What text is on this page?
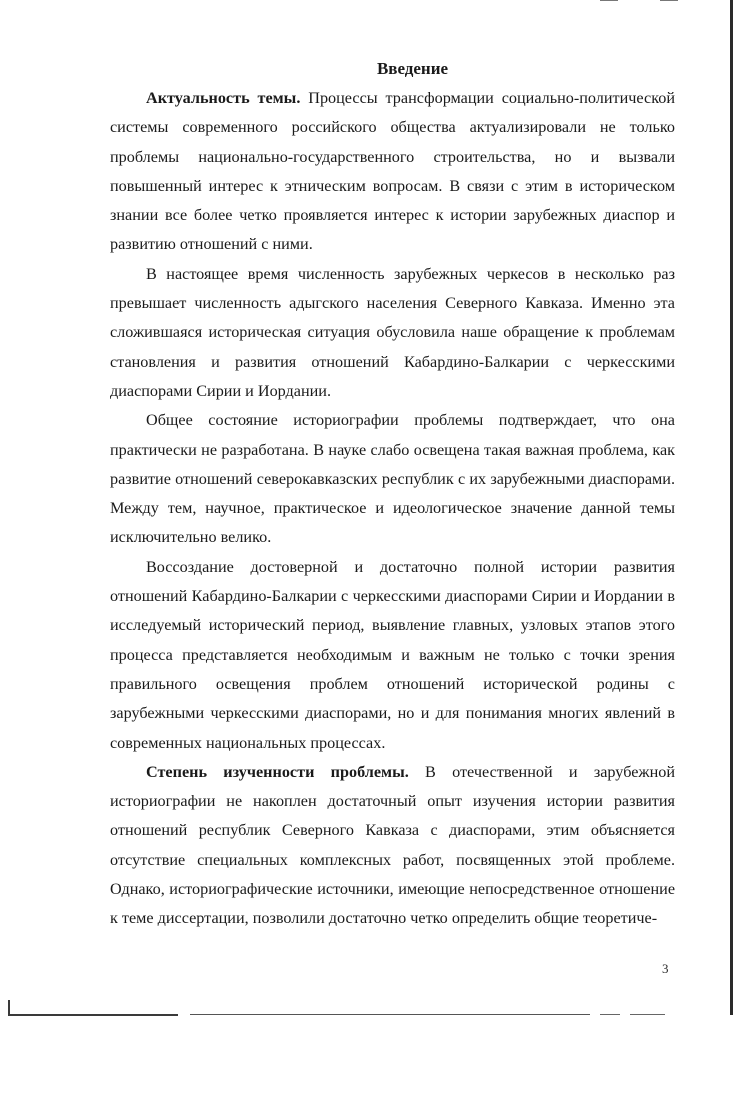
Введение

Актуальность темы. Процессы трансформации социально-политической системы современного российского общества актуализировали не только проблемы национально-государственного строительства, но и вызвали повышенный интерес к этническим вопросам. В связи с этим в историческом знании все более четко проявляется интерес к истории зарубежных диаспор и развитию отношений с ними.

В настоящее время численность зарубежных черкесов в несколько раз превышает численность адыгского населения Северного Кавказа. Именно эта сложившаяся историческая ситуация обусловила наше обращение к проблемам становления и развития отношений Кабардино-Балкарии с черкесскими диаспорами Сирии и Иордании.

Общее состояние историографии проблемы подтверждает, что она практически не разработана. В науке слабо освещена такая важная проблема, как развитие отношений северокавказских республик с их зарубежными диаспорами. Между тем, научное, практическое и идеологическое значение данной темы исключительно велико.

Воссоздание достоверной и достаточно полной истории развития отношений Кабардино-Балкарии с черкесскими диаспорами Сирии и Иордании в исследуемый исторический период, выявление главных, узловых этапов этого процесса представляется необходимым и важным не только с точки зрения правильного освещения проблем отношений исторической родины с зарубежными черкесскими диаспорами, но и для понимания многих явлений в современных национальных процессах.

Степень изученности проблемы. В отечественной и зарубежной историографии не накоплен достаточный опыт изучения истории развития отношений республик Северного Кавказа с диаспорами, этим объясняется отсутствие специальных комплексных работ, посвященных этой проблеме. Однако, историографические источники, имеющие непосредственное отношение к теме диссертации, позволили достаточно четко определить общие теоретиче-

3
